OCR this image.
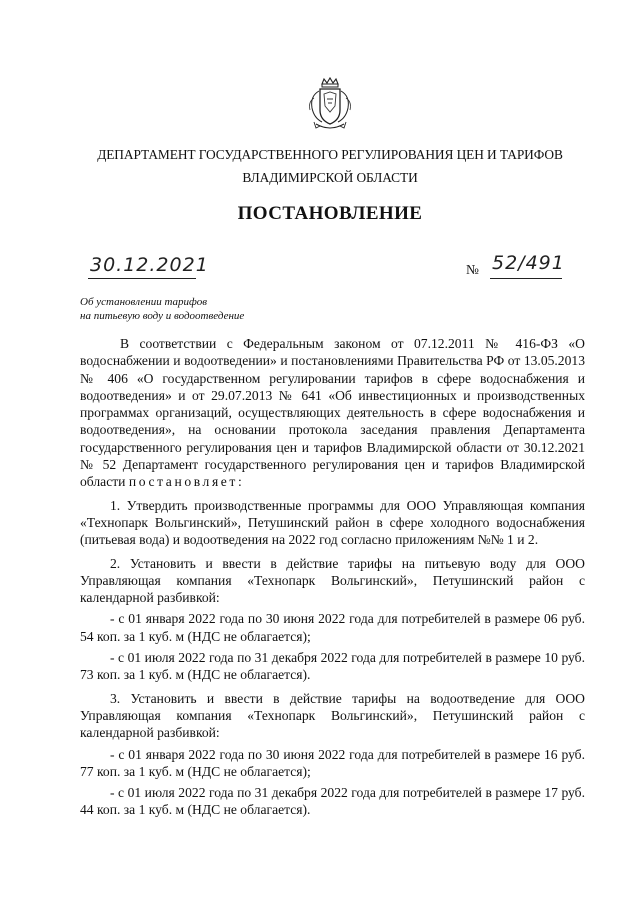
ДЕПАРТАМЕНТ ГОСУДАРСТВЕННОГО РЕГУЛИРОВАНИЯ ЦЕН И ТАРИФОВ
ВЛАДИМИРСКОЙ ОБЛАСТИ
ПОСТАНОВЛЕНИЕ
30.12.2021	№ 52/491
Об установлении тарифов
на питьевую воду и водоотведение

В соответствии с Федеральным законом от 07.12.2011 № 416-ФЗ «О водоснабжении и водоотведении» и постановлениями Правительства РФ от 13.05.2013 № 406 «О государственном регулировании тарифов в сфере водоснабжения и водоотведения» и от 29.07.2013 № 641 «Об инвестиционных и производственных программах организаций, осуществляющих деятельность в сфере водоснабжения и водоотведения», на основании протокола заседания правления Департамента государственного регулирования цен и тарифов Владимирской области от 30.12.2021 № 52 Департамент государственного регулирования цен и тарифов Владимирской области постановляет:

1. Утвердить производственные программы для ООО Управляющая компания «Технопарк Вольгинский», Петушинский район в сфере холодного водоснабжения (питьевая вода) и водоотведения на 2022 год согласно приложениям №№ 1 и 2.

2. Установить и ввести в действие тарифы на питьевую воду для ООО Управляющая компания «Технопарк Вольгинский», Петушинский район с календарной разбивкой:

- с 01 января 2022 года по 30 июня 2022 года для потребителей в размере 06 руб. 54 коп. за 1 куб. м (НДС не облагается);

- с 01 июля 2022 года по 31 декабря 2022 года для потребителей в размере 10 руб. 73 коп. за 1 куб. м (НДС не облагается).

3. Установить и ввести в действие тарифы на водоотведение для ООО Управляющая компания «Технопарк Вольгинский», Петушинский район с календарной разбивкой:

- с 01 января 2022 года по 30 июня 2022 года для потребителей в размере 16 руб. 77 коп. за 1 куб. м (НДС не облагается);

- с 01 июля 2022 года по 31 декабря 2022 года для потребителей в размере 17 руб. 44 коп. за 1 куб. м (НДС не облагается).
